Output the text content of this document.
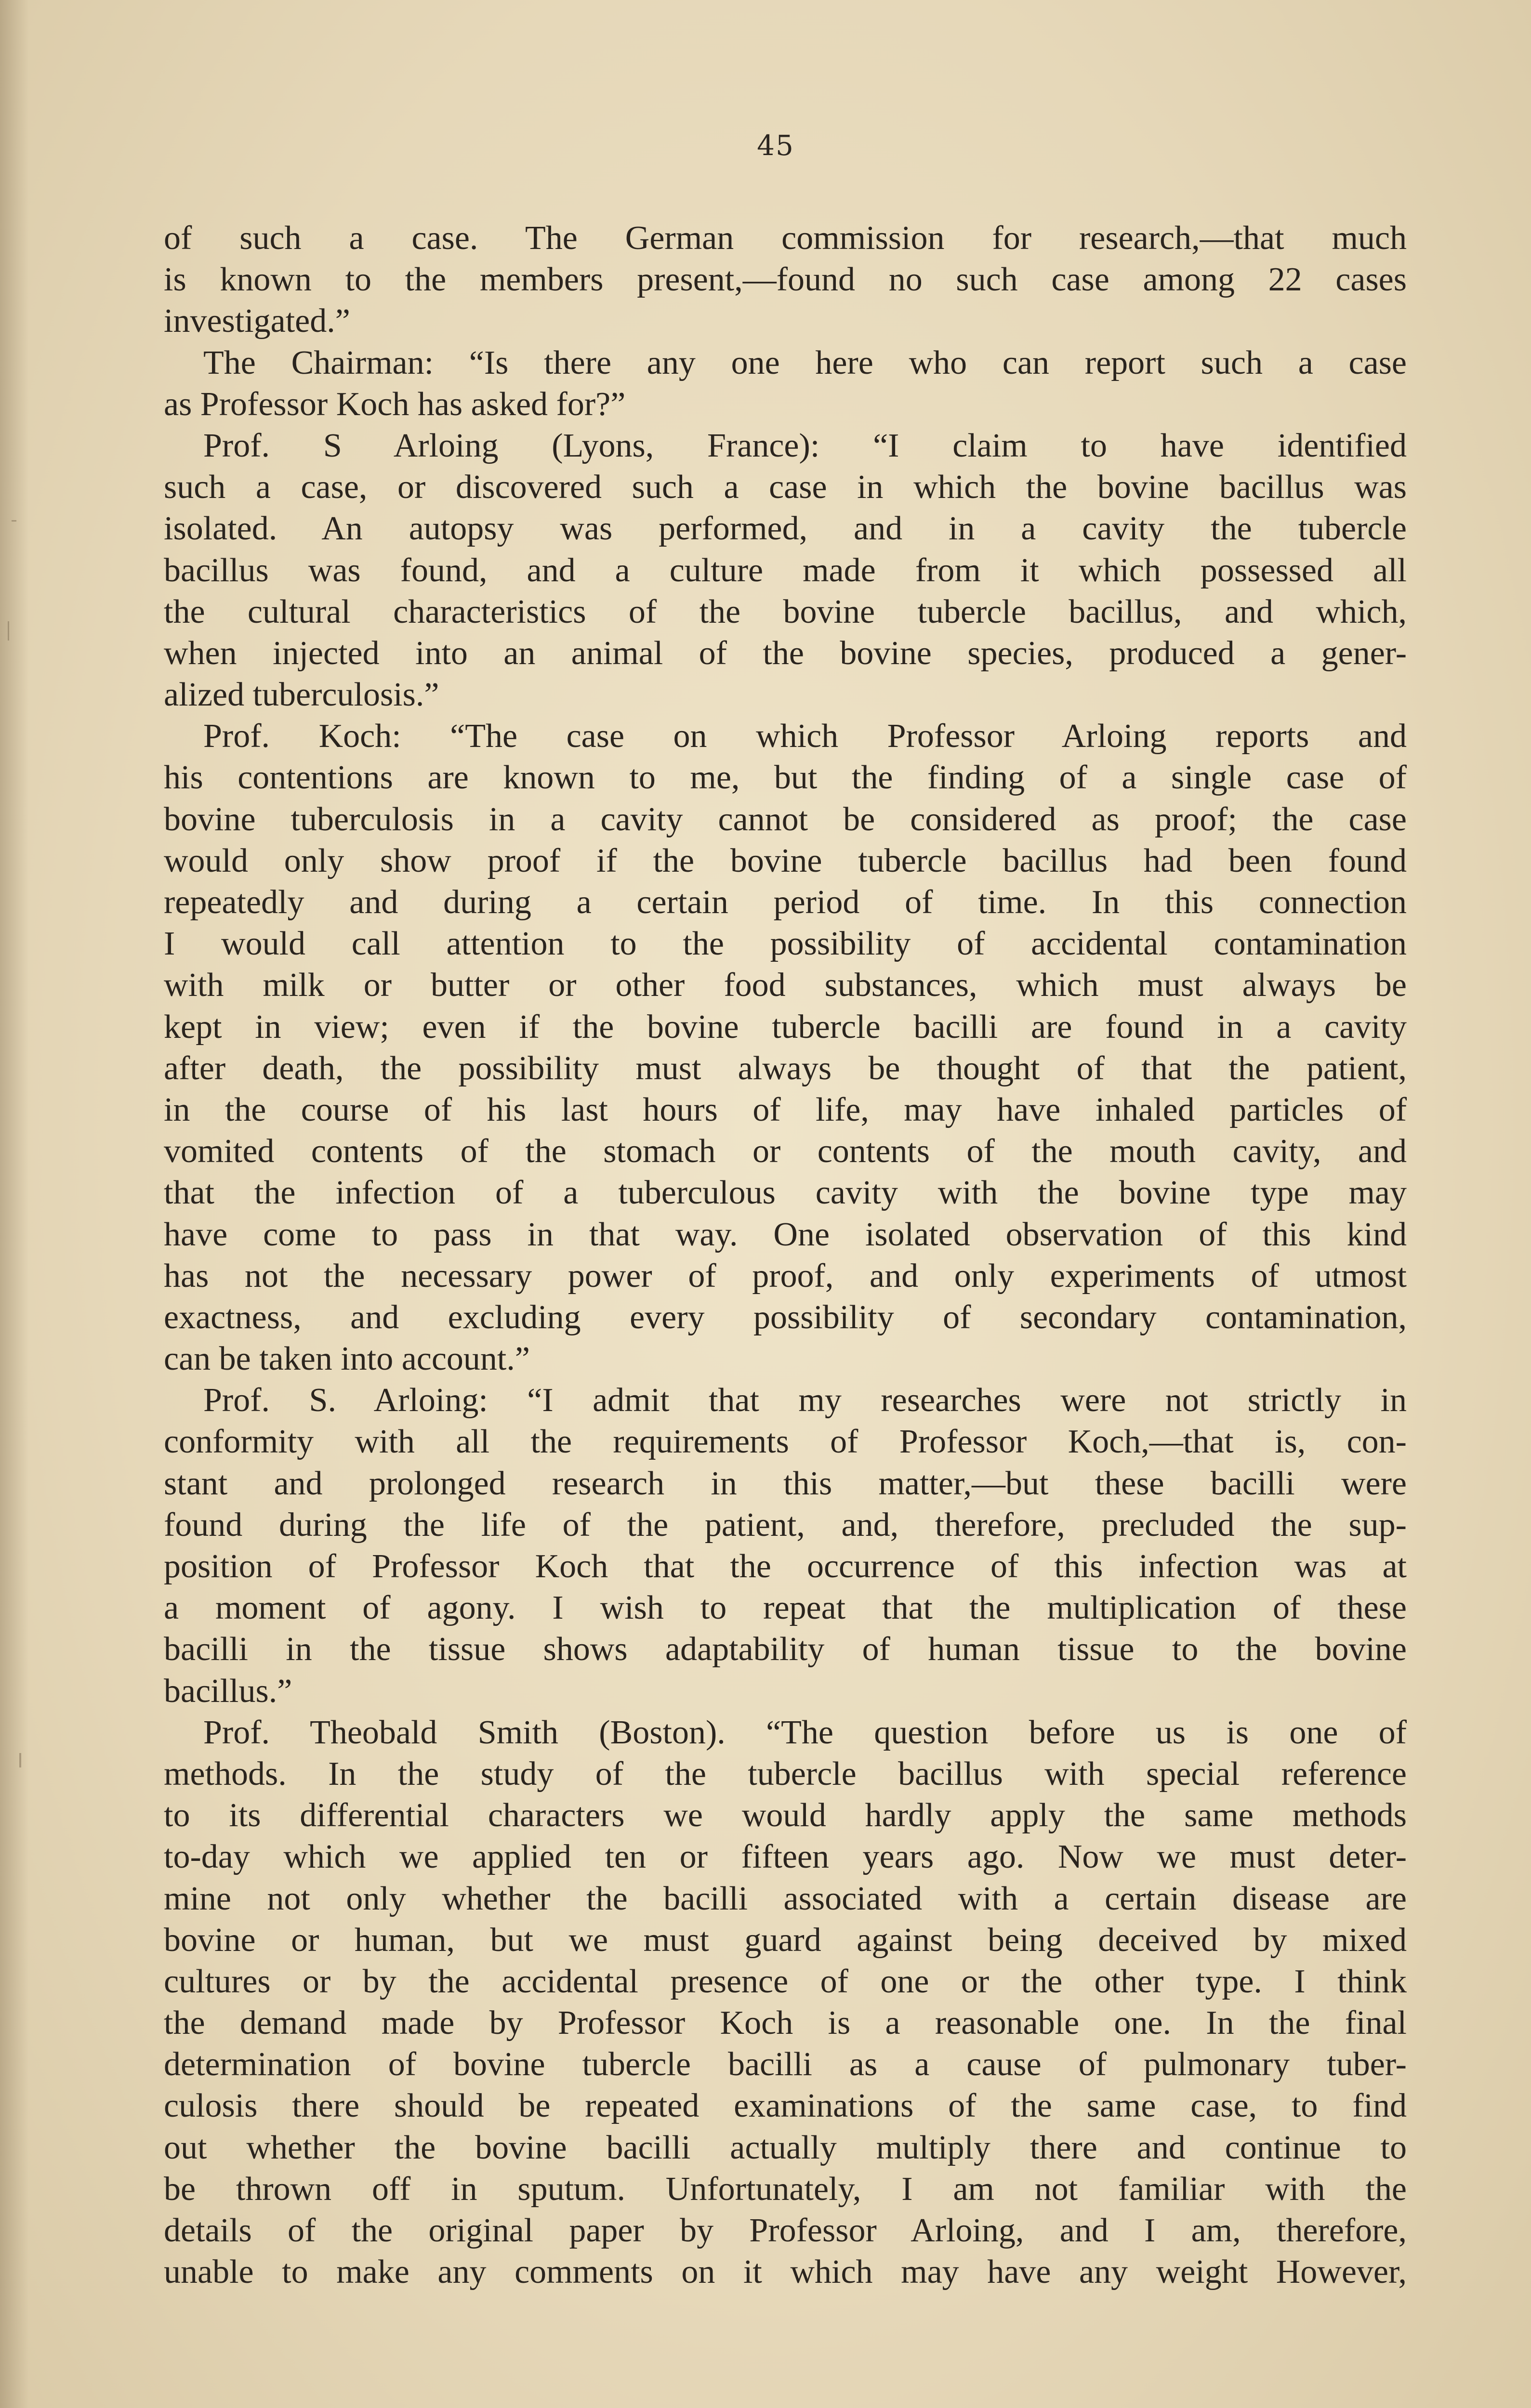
45
of such a case. The German commission for research,—that much
is known to the members present,—found no such case among 22 cases
investigated.”
The Chairman: “Is there any one here who can report such a case
as Professor Koch has asked for?”
Prof. S Arloing (Lyons, France): “I claim to have identified
such a case, or discovered such a case in which the bovine bacillus was
isolated. An autopsy was performed, and in a cavity the tubercle
bacillus was found, and a culture made from it which possessed all
the cultural characteristics of the bovine tubercle bacillus, and which,
when injected into an animal of the bovine species, produced a gener-
alized tuberculosis.”
Prof. Koch: “The case on which Professor Arloing reports and
his contentions are known to me, but the finding of a single case of
bovine tuberculosis in a cavity cannot be considered as proof; the case
would only show proof if the bovine tubercle bacillus had been found
repeatedly and during a certain period of time. In this connection
I would call attention to the possibility of accidental contamination
with milk or butter or other food substances, which must always be
kept in view; even if the bovine tubercle bacilli are found in a cavity
after death, the possibility must always be thought of that the patient,
in the course of his last hours of life, may have inhaled particles of
vomited contents of the stomach or contents of the mouth cavity, and
that the infection of a tuberculous cavity with the bovine type may
have come to pass in that way. One isolated observation of this kind
has not the necessary power of proof, and only experiments of utmost
exactness, and excluding every possibility of secondary contamination,
can be taken into account.”
Prof. S. Arloing: “I admit that my researches were not strictly in
conformity with all the requirements of Professor Koch,—that is, con-
stant and prolonged research in this matter,—but these bacilli were
found during the life of the patient, and, therefore, precluded the sup-
position of Professor Koch that the occurrence of this infection was at
a moment of agony. I wish to repeat that the multiplication of these
bacilli in the tissue shows adaptability of human tissue to the bovine
bacillus.”
Prof. Theobald Smith (Boston). “The question before us is one of
methods. In the study of the tubercle bacillus with special reference
to its differential characters we would hardly apply the same methods
to-day which we applied ten or fifteen years ago. Now we must deter-
mine not only whether the bacilli associated with a certain disease are
bovine or human, but we must guard against being deceived by mixed
cultures or by the accidental presence of one or the other type. I think
the demand made by Professor Koch is a reasonable one. In the final
determination of bovine tubercle bacilli as a cause of pulmonary tuber-
culosis there should be repeated examinations of the same case, to find
out whether the bovine bacilli actually multiply there and continue to
be thrown off in sputum. Unfortunately, I am not familiar with the
details of the original paper by Professor Arloing, and I am, therefore,
unable to make any comments on it which may have any weight However,
